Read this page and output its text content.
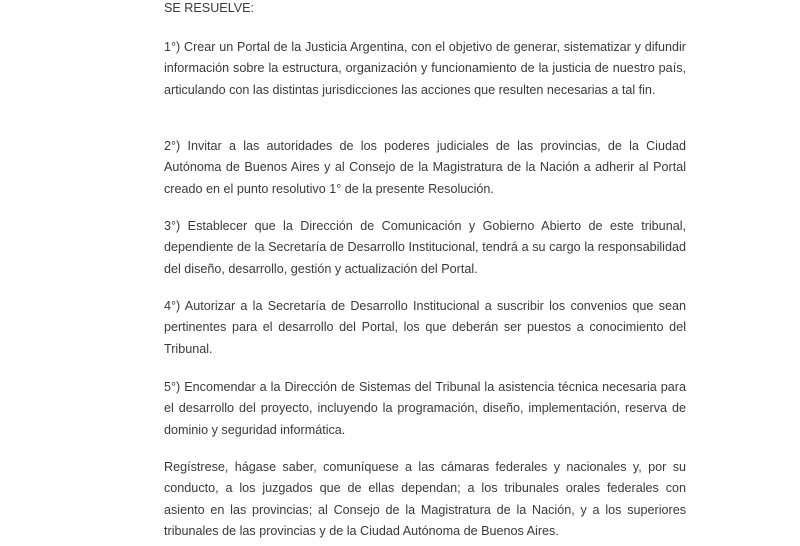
SE RESUELVE:

1°) Crear un Portal de la Justicia Argentina, con el objetivo de generar, sistematizar y difundir información sobre la estructura, organización y funcionamiento de la justicia de nuestro país, articulando con las distintas jurisdicciones las acciones que resulten necesarias a tal fin.

2°) Invitar a las autoridades de los poderes judiciales de las provincias, de la Ciudad Autónoma de Buenos Aires y al Consejo de la Magistratura de la Nación a adherir al Portal creado en el punto resolutivo 1° de la presente Resolución.

3°) Establecer que la Dirección de Comunicación y Gobierno Abierto de este tribunal, dependiente de la Secretaría de Desarrollo Institucional, tendrá a su cargo la responsabilidad del diseño, desarrollo, gestión y actualización del Portal.

4°) Autorizar a la Secretaría de Desarrollo Institucional a suscribir los convenios que sean pertinentes para el desarrollo del Portal, los que deberán ser puestos a conocimiento del Tribunal.

5°) Encomendar a la Dirección de Sistemas del Tribunal la asistencia técnica necesaria para el desarrollo del proyecto, incluyendo la programación, diseño, implementación, reserva de dominio y seguridad informática.

Regístrese, hágase saber, comuníquese a las cámaras federales y nacionales y, por su conducto, a los juzgados que de ellas dependan; a los tribunales orales federales con asiento en las provincias; al Consejo de la Magistratura de la Nación, y a los superiores tribunales de las provincias y de la Ciudad Autónoma de Buenos Aires.
